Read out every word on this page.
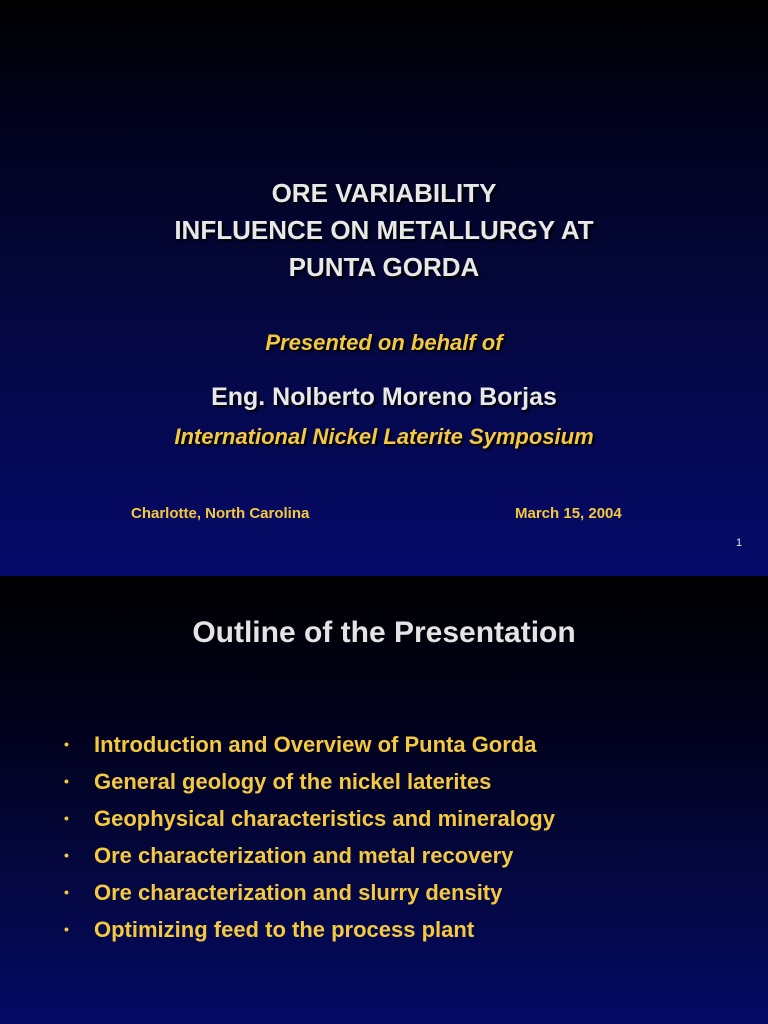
ORE VARIABILITY
INFLUENCE ON METALLURGY AT
PUNTA GORDA
Presented on behalf of
Eng. Nolberto Moreno Borjas
International Nickel Laterite Symposium
Charlotte, North Carolina	March 15, 2004
1
Outline of the Presentation
• Introduction and Overview of Punta Gorda
• General geology of the nickel laterites
• Geophysical characteristics and mineralogy
• Ore characterization and metal recovery
• Ore characterization and slurry density
• Optimizing feed to the process plant
